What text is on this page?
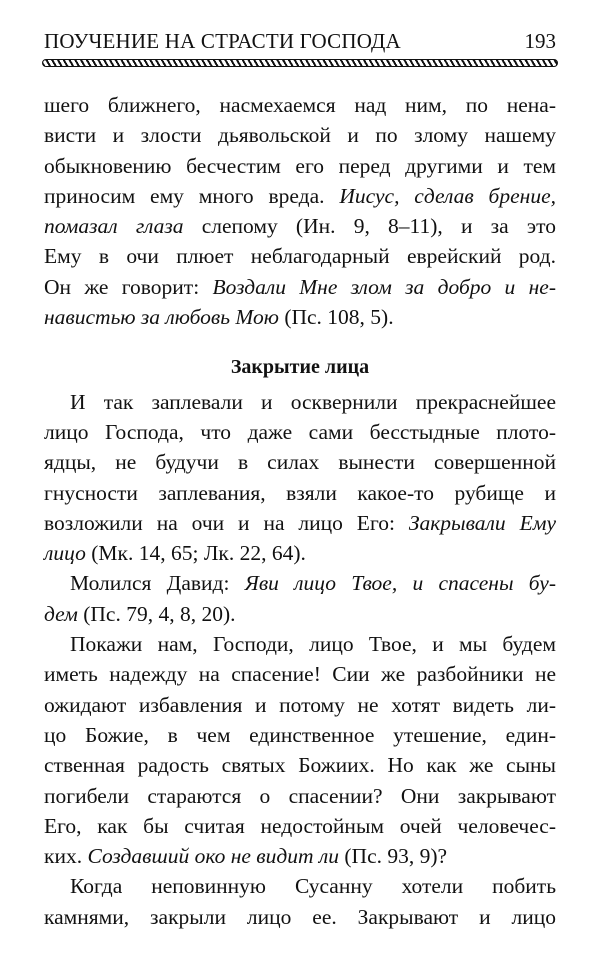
ПОУЧЕНИЕ НА СТРАСТИ ГОСПОДА	193

шего ближнего, насмехаемся над ним, по нена-
висти и злости дьявольской и по злому нашему
обыкновению бесчестим его перед другими и тем
приносим ему много вреда. Иисус, сделав брение,
помазал глаза слепому (Ин. 9, 8–11), и за это
Ему в очи плюет неблагодарный еврейский род.
Он же говорит: Воздали Мне злом за добро и не-
навистью за любовь Мою (Пс. 108, 5).

Закрытие лица

И так заплевали и осквернили прекраснейшее
лицо Господа, что даже сами бесстыдные плото-
ядцы, не будучи в силах вынести совершенной
гнусности заплевания, взяли какое-то рубище и
возложили на очи и на лицо Его: Закрывали Ему
лицо (Мк. 14, 65; Лк. 22, 64).

Молился Давид: Яви лицо Твое, и спасены бу-
дем (Пс. 79, 4, 8, 20).

Покажи нам, Господи, лицо Твое, и мы будем
иметь надежду на спасение! Сии же разбойники не
ожидают избавления и потому не хотят видеть ли-
цо Божие, в чем единственное утешение, един-
ственная радость святых Божиих. Но как же сыны
погибели стараются о спасении? Они закрывают
Его, как бы считая недостойным очей человечес-
ких. Создавший око не видит ли (Пс. 93, 9)?

Когда неповинную Сусанну хотели побить
камнями, закрыли лицо ее. Закрывают и лицо
